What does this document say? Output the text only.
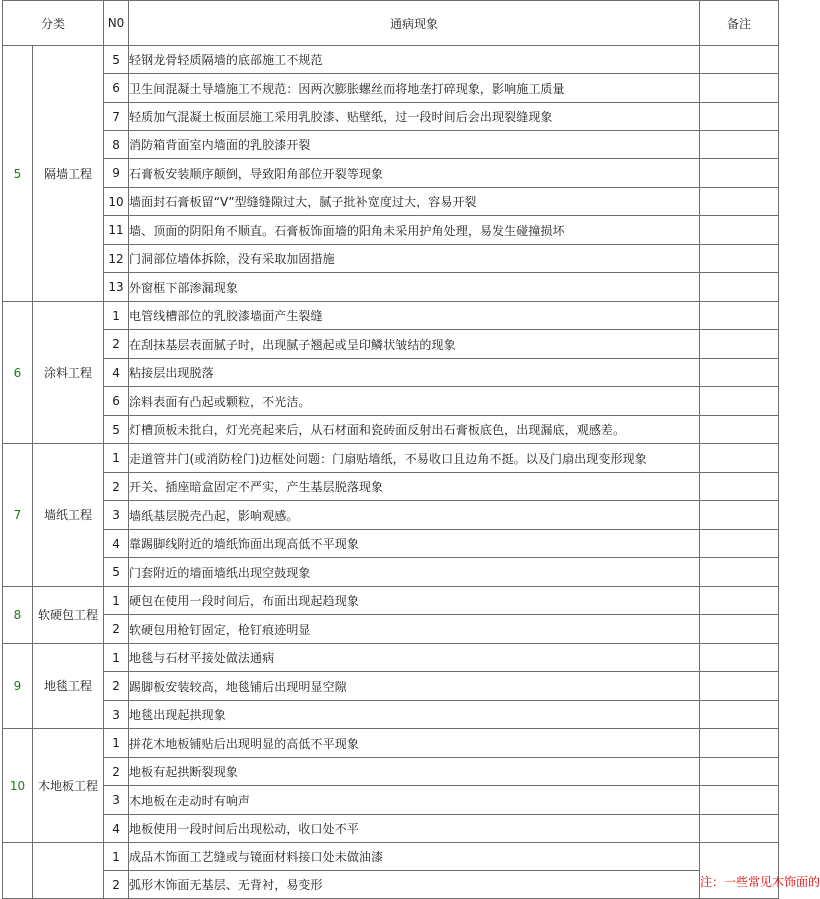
分类		N0	通病现象	备注
5	隔墙工程	5	轻钢龙骨轻质隔墙的底部施工不规范	
		6	卫生间混凝土导墙施工不规范：因两次膨胀螺丝而将地垄打碎现象，影响施工质量	
		7	轻质加气混凝土板面层施工采用乳胶漆、贴壁纸，过一段时间后会出现裂缝现象	
		8	消防箱背面室内墙面的乳胶漆开裂	
		9	石膏板安装顺序颠倒，导致阳角部位开裂等现象	
		10	墙面封石膏板留“V”型缝缝隙过大，腻子批补宽度过大，容易开裂	
		11	墙、顶面的阴阳角不顺直。石膏板饰面墙的阳角未采用护角处理，易发生碰撞损坏	
		12	门洞部位墙体拆除，没有采取加固措施	
		13	外窗框下部渗漏现象	
6	涂料工程	1	电管线槽部位的乳胶漆墙面产生裂缝	
		2	在刮抹基层表面腻子时，出现腻子翘起或呈印鳞状皱结的现象	
		4	粘接层出现脱落	
		6	涂料表面有凸起或颗粒，不光洁。	
		5	灯槽顶板未批白，灯光亮起来后，从石材面和瓷砖面反射出石膏板底色，出现漏底，观感差。	
7	墙纸工程	1	走道管井门(或消防栓门)边框处问题：门扇贴墙纸，不易收口且边角不挺。以及门扇出现变形现象	
		2	开关、插座暗盒固定不严实，产生基层脱落现象	
		3	墙纸基层脱壳凸起，影响观感。	
		4	靠踢脚线附近的墙纸饰面出现高低不平现象	
		5	门套附近的墙面墙纸出现空鼓现象	
8	软硬包工程	1	硬包在使用一段时间后，布面出现起趋现象	
		2	软硬包用枪钉固定，枪钉痕迹明显	
9	地毯工程	1	地毯与石材平接处做法通病	
		2	踢脚板安装较高，地毯铺后出现明显空隙	
		3	地毯出现起拱现象	
10	木地板工程	1	拼花木地板铺贴后出现明显的高低不平现象	
		2	地板有起拱断裂现象	
		3	木地板在走动时有响声	
		4	地板使用一段时间后出现松动，收口处不平	
		1	成品木饰面工艺缝或与镜面材料接口处未做油漆	注：一些常见木饰面的
		2	弧形木饰面无基层、无背衬，易变形	
